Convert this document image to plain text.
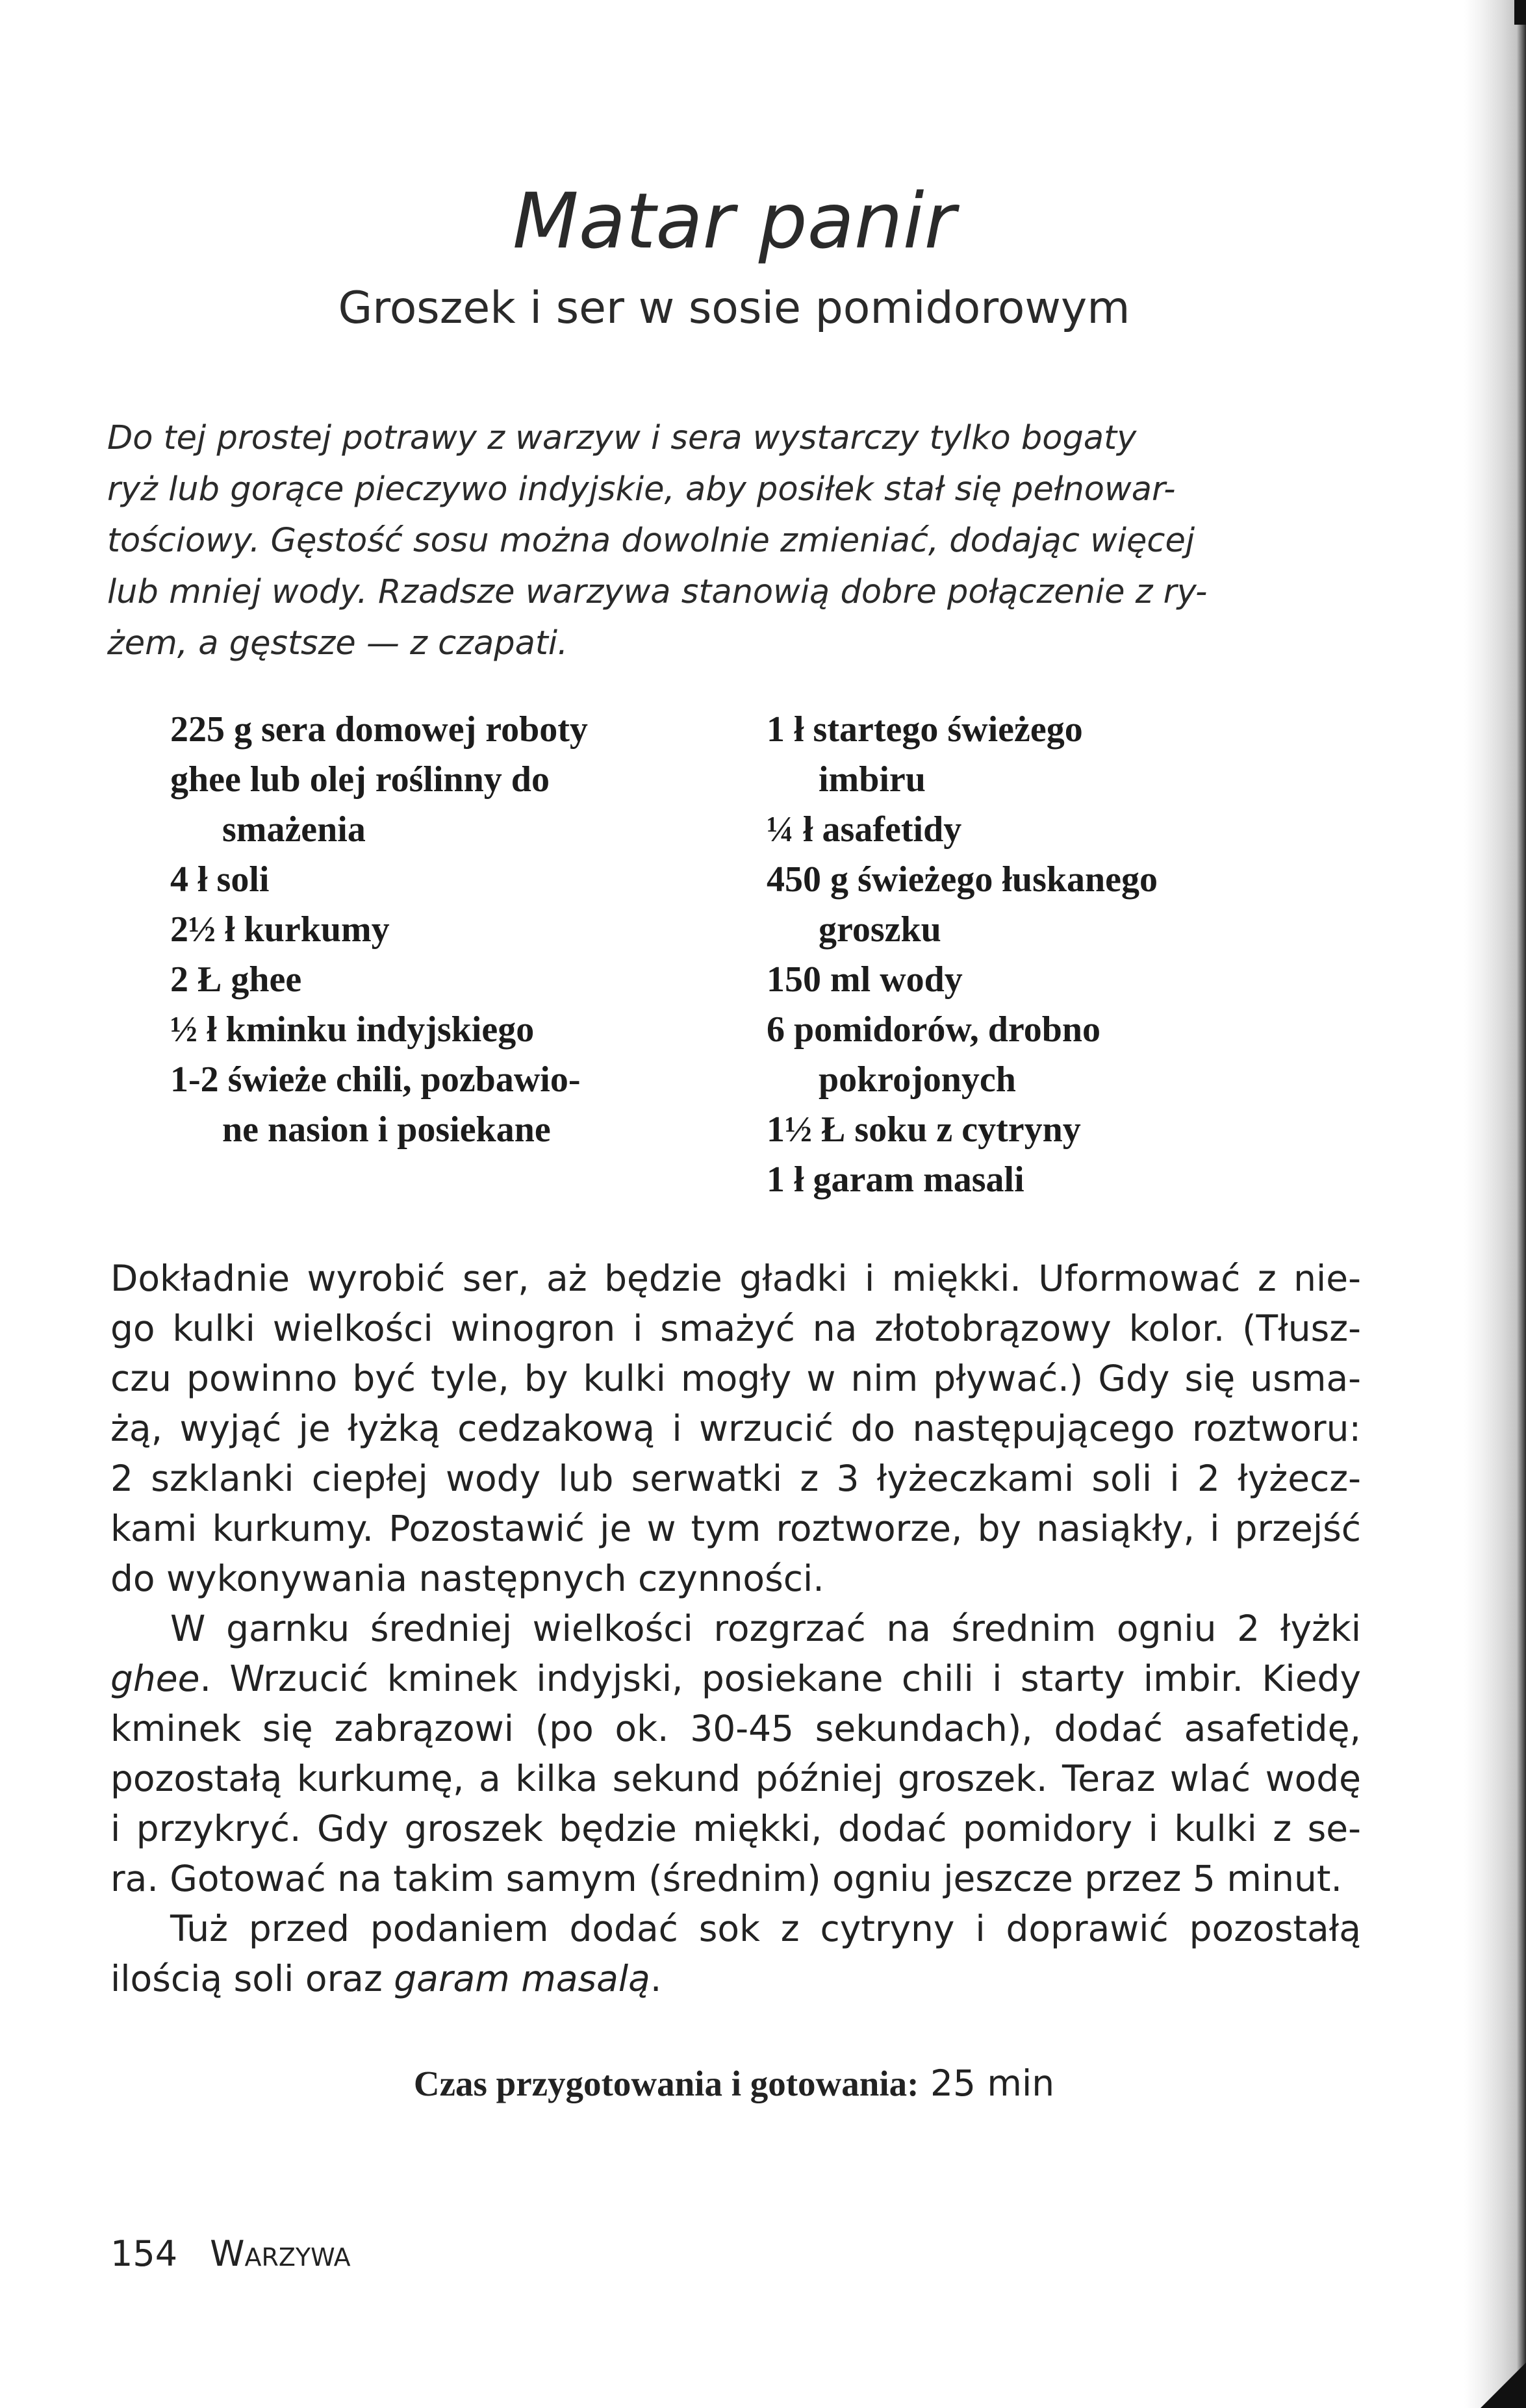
Matar panir
Groszek i ser w sosie pomidorowym
Do tej prostej potrawy z warzyw i sera wystarczy tylko bogaty
ryż lub gorące pieczywo indyjskie, aby posiłek stał się pełnowar-
tościowy. Gęstość sosu można dowolnie zmieniać, dodając więcej
lub mniej wody. Rzadsze warzywa stanowią dobre połączenie z ry-
żem, a gęstsze — z czapati.
225 g sera domowej roboty
ghee lub olej roślinny do
smażenia
4 ł soli
2½ ł kurkumy
2 Ł ghee
½ ł kminku indyjskiego
1-2 świeże chili, pozbawio-
ne nasion i posiekane
1 ł startego świeżego
imbiru
¼ ł asafetidy
450 g świeżego łuskanego
groszku
150 ml wody
6 pomidorów, drobno
pokrojonych
1½ Ł soku z cytryny
1 ł garam masali
Dokładnie wyrobić ser, aż będzie gładki i miękki. Uformować z nie-
go kulki wielkości winogron i smażyć na złotobrązowy kolor. (Tłusz-
czu powinno być tyle, by kulki mogły w nim pływać.) Gdy się usma-
żą, wyjąć je łyżką cedzakową i wrzucić do następującego roztworu:
2 szklanki ciepłej wody lub serwatki z 3 łyżeczkami soli i 2 łyżecz-
kami kurkumy. Pozostawić je w tym roztworze, by nasiąkły, i przejść
do wykonywania następnych czynności.
W garnku średniej wielkości rozgrzać na średnim ogniu 2 łyżki
ghee. Wrzucić kminek indyjski, posiekane chili i starty imbir. Kiedy
kminek się zabrązowi (po ok. 30-45 sekundach), dodać asafetidę,
pozostałą kurkumę, a kilka sekund później groszek. Teraz wlać wodę
i przykryć. Gdy groszek będzie miękki, dodać pomidory i kulki z se-
ra. Gotować na takim samym (średnim) ogniu jeszcze przez 5 minut.
Tuż przed podaniem dodać sok z cytryny i doprawić pozostałą
ilością soli oraz garam masalą.
Czas przygotowania i gotowania: 25 min
154 Warzywa
